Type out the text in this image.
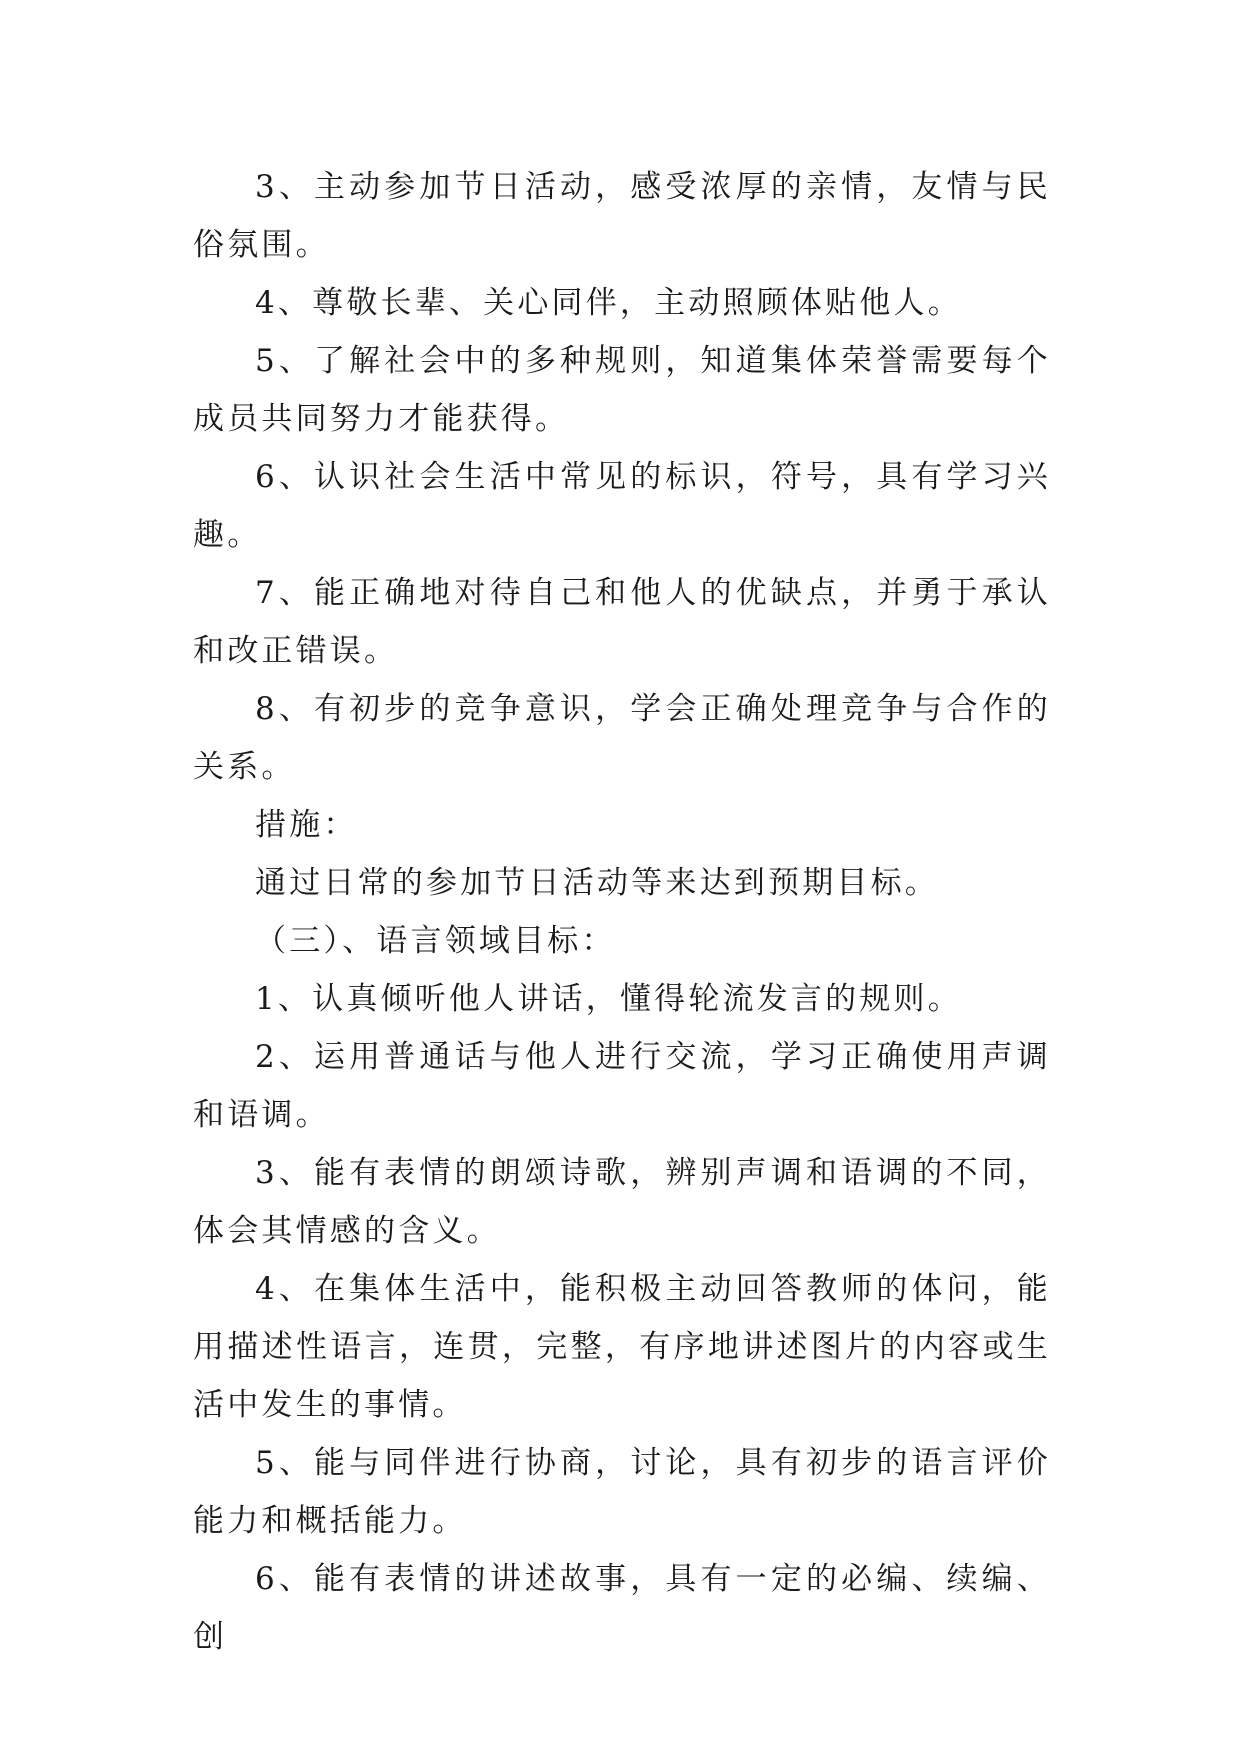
3、主动参加节日活动，感受浓厚的亲情，友情与民俗氛围。

4、尊敬长辈、关心同伴，主动照顾体贴他人。

5、了解社会中的多种规则，知道集体荣誉需要每个成员共同努力才能获得。

6、认识社会生活中常见的标识，符号，具有学习兴趣。

7、能正确地对待自己和他人的优缺点，并勇于承认和改正错误。

8、有初步的竞争意识，学会正确处理竞争与合作的关系。

措施：

通过日常的参加节日活动等来达到预期目标。

（三）、语言领域目标：

1、认真倾听他人讲话，懂得轮流发言的规则。

2、运用普通话与他人进行交流，学习正确使用声调和语调。

3、能有表情的朗颂诗歌，辨别声调和语调的不同，体会其情感的含义。

4、在集体生活中，能积极主动回答教师的体问，能用描述性语言，连贯，完整，有序地讲述图片的内容或生活中发生的事情。

5、能与同伴进行协商，讨论，具有初步的语言评价能力和概括能力。

6、能有表情的讲述故事，具有一定的必编、续编、创
